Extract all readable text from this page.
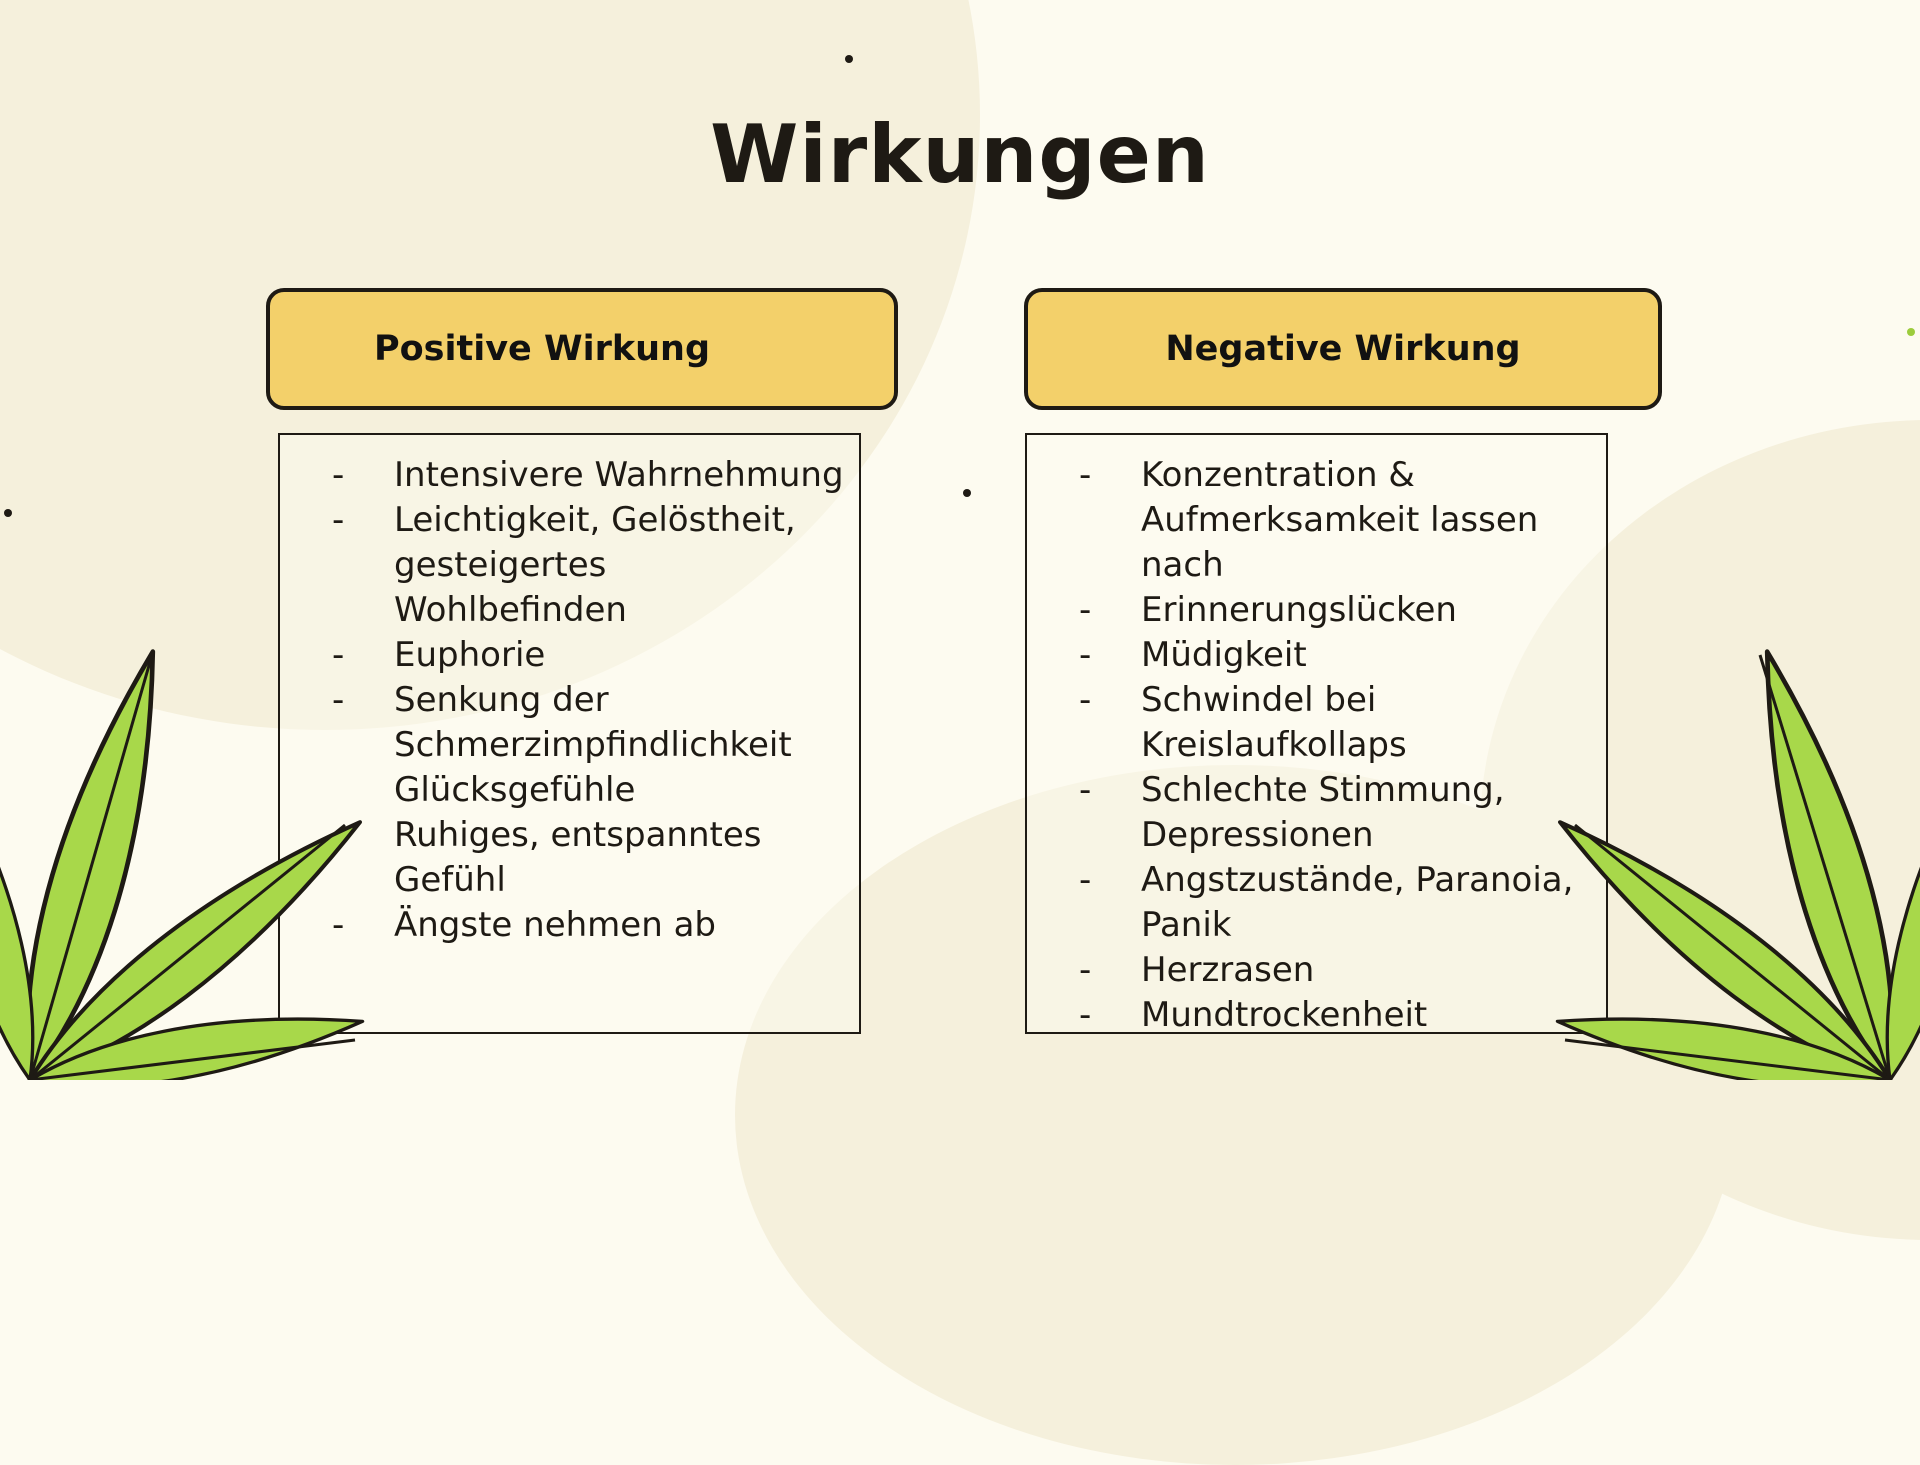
Wirkungen
Positive Wirkung	Negative Wirkung
-	Intensivere Wahrnehmung
-	Leichtigkeit, Gelöstheit, gesteigertes Wohlbefinden
-	Euphorie
-	Senkung der Schmerzimpfindlichkeit Glücksgefühle
Ruhiges, entspanntes Gefühl
-	Ängste nehmen ab
-	Konzentration & Aufmerksamkeit lassen nach
-	Erinnerungslücken
-	Müdigkeit
-	Schwindel bei Kreislaufkollaps
-	Schlechte Stimmung, Depressionen
-	Angstzustände, Paranoia, Panik
-	Herzrasen
-	Mundtrockenheit
